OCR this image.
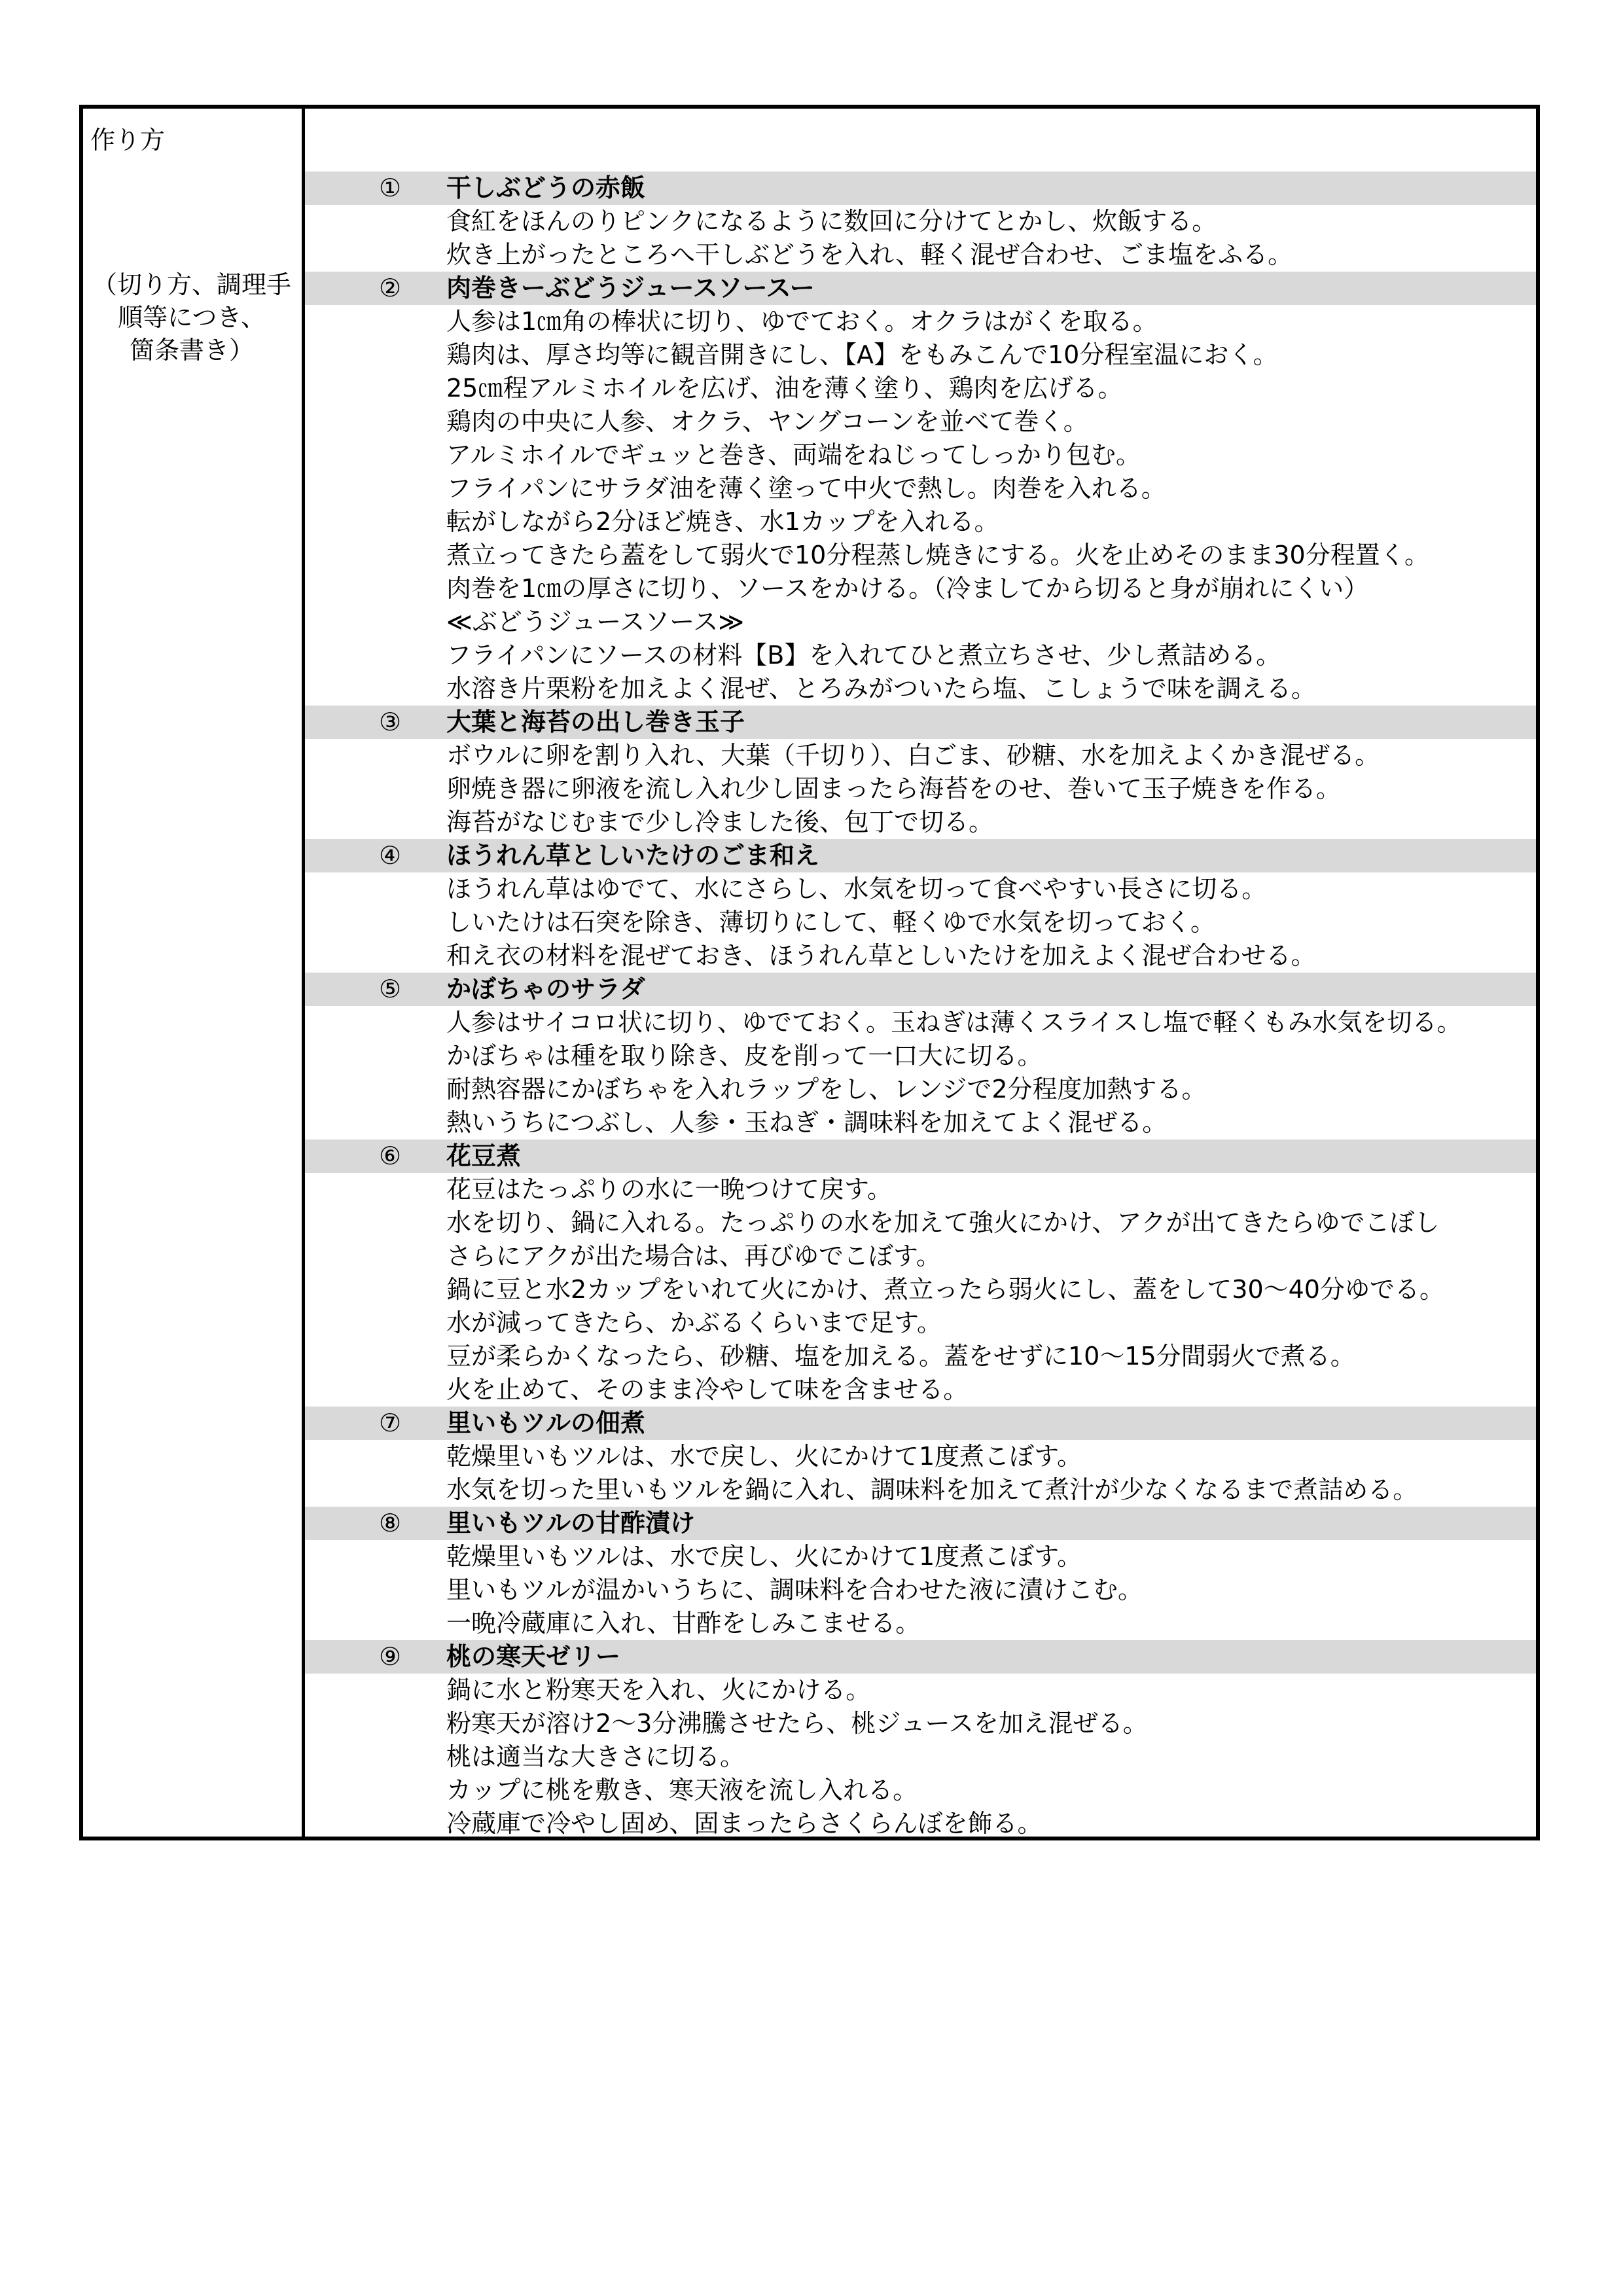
作り方
（切り方、調理手
順等につき、
箇条書き）
①	干しぶどうの赤飯
食紅をほんのりピンクになるように数回に分けてとかし、炊飯する。
炊き上がったところへ干しぶどうを入れ、軽く混ぜ合わせ、ごま塩をふる。
②	肉巻きーぶどうジュースソースー
人参は1㎝角の棒状に切り、ゆでておく。オクラはがくを取る。
鶏肉は、厚さ均等に観音開きにし、【A】をもみこんで10分程室温におく。
25㎝程アルミホイルを広げ、油を薄く塗り、鶏肉を広げる。
鶏肉の中央に人参、オクラ、ヤングコーンを並べて巻く。
アルミホイルでギュッと巻き、両端をねじってしっかり包む。
フライパンにサラダ油を薄く塗って中火で熱し。肉巻を入れる。
転がしながら2分ほど焼き、水1カップを入れる。
煮立ってきたら蓋をして弱火で10分程蒸し焼きにする。火を止めそのまま30分程置く。
肉巻を1㎝の厚さに切り、ソースをかける。（冷ましてから切ると身が崩れにくい）
≪ぶどうジュースソース≫
フライパンにソースの材料【B】を入れてひと煮立ちさせ、少し煮詰める。
水溶き片栗粉を加えよく混ぜ、とろみがついたら塩、こしょうで味を調える。
③	大葉と海苔の出し巻き玉子
ボウルに卵を割り入れ、大葉（千切り）、白ごま、砂糖、水を加えよくかき混ぜる。
卵焼き器に卵液を流し入れ少し固まったら海苔をのせ、巻いて玉子焼きを作る。
海苔がなじむまで少し冷ました後、包丁で切る。
④	ほうれん草としいたけのごま和え
ほうれん草はゆでて、水にさらし、水気を切って食べやすい長さに切る。
しいたけは石突を除き、薄切りにして、軽くゆで水気を切っておく。
和え衣の材料を混ぜておき、ほうれん草としいたけを加えよく混ぜ合わせる。
⑤	かぼちゃのサラダ
人参はサイコロ状に切り、ゆでておく。玉ねぎは薄くスライスし塩で軽くもみ水気を切る。
かぼちゃは種を取り除き、皮を削って一口大に切る。
耐熱容器にかぼちゃを入れラップをし、レンジで2分程度加熱する。
熱いうちにつぶし、人参・玉ねぎ・調味料を加えてよく混ぜる。
⑥	花豆煮
花豆はたっぷりの水に一晩つけて戻す。
水を切り、鍋に入れる。たっぷりの水を加えて強火にかけ、アクが出てきたらゆでこぼし
さらにアクが出た場合は、再びゆでこぼす。
鍋に豆と水2カップをいれて火にかけ、煮立ったら弱火にし、蓋をして30～40分ゆでる。
水が減ってきたら、かぶるくらいまで足す。
豆が柔らかくなったら、砂糖、塩を加える。蓋をせずに10～15分間弱火で煮る。
火を止めて、そのまま冷やして味を含ませる。
⑦	里いもツルの佃煮
乾燥里いもツルは、水で戻し、火にかけて1度煮こぼす。
水気を切った里いもツルを鍋に入れ、調味料を加えて煮汁が少なくなるまで煮詰める。
⑧	里いもツルの甘酢漬け
乾燥里いもツルは、水で戻し、火にかけて1度煮こぼす。
里いもツルが温かいうちに、調味料を合わせた液に漬けこむ。
一晩冷蔵庫に入れ、甘酢をしみこませる。
⑨	桃の寒天ゼリー
鍋に水と粉寒天を入れ、火にかける。
粉寒天が溶け2～3分沸騰させたら、桃ジュースを加え混ぜる。
桃は適当な大きさに切る。
カップに桃を敷き、寒天液を流し入れる。
冷蔵庫で冷やし固め、固まったらさくらんぼを飾る。
